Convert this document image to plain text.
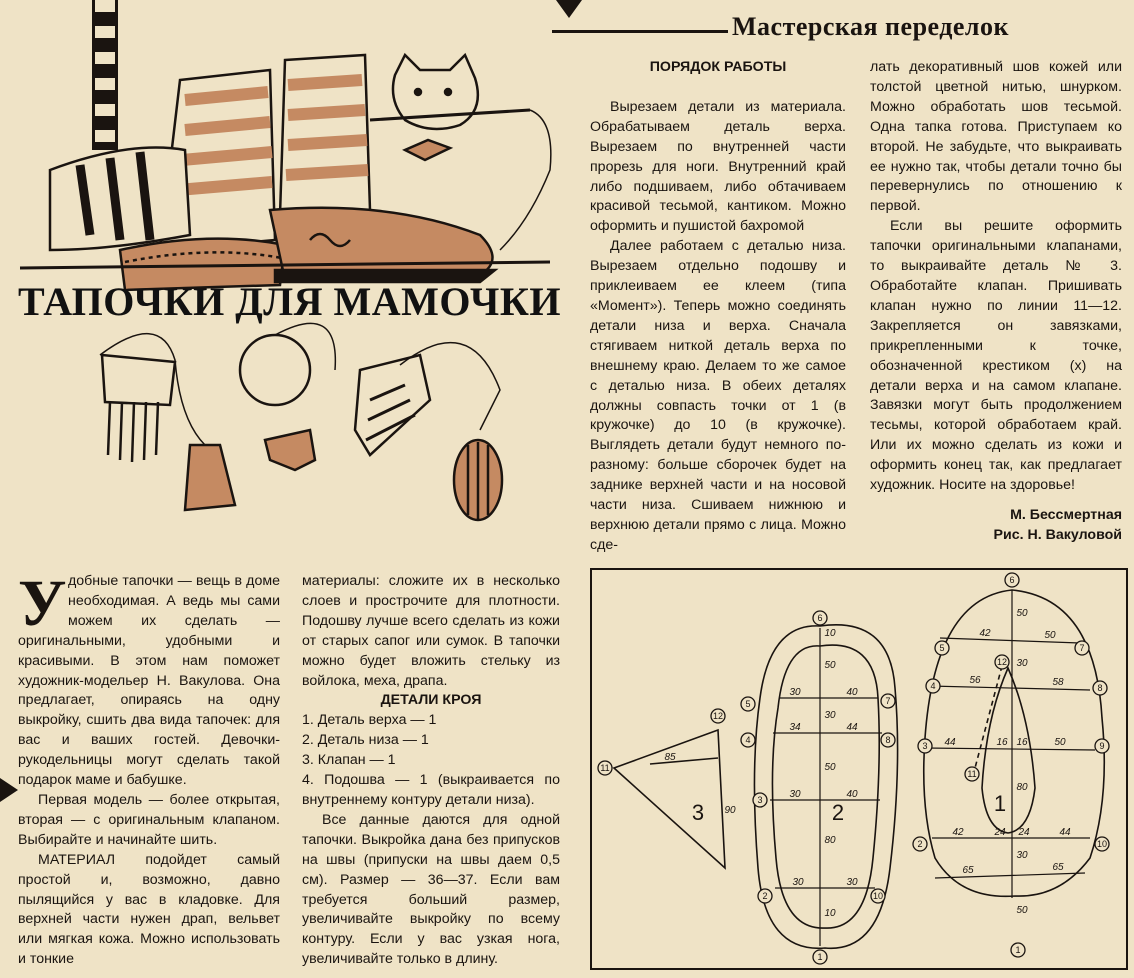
Мастерская переделок
ТАПОЧКИ ДЛЯ МАМОЧКИ

Удобные тапочки — вещь в доме необходимая. А ведь мы сами можем их сделать — оригинальными, удобными и красивыми. В этом нам поможет художник-модельер Н. Вакулова. Она предлагает, опираясь на одну выкройку, сшить два вида тапочек: для вас и ваших гостей. Девочки-рукодельницы могут сделать такой подарок маме и бабушке.

Первая модель — более открытая, вторая — с оригинальным клапаном. Выбирайте и начинайте шить.

МАТЕРИАЛ подойдет самый простой и, возможно, давно пылящийся у вас в кладовке. Для верхней части нужен драп, вельвет или мягкая кожа. Можно использовать и тонкие

материалы: сложите их в несколько слоев и прострочите для плотности. Подошву лучше всего сделать из кожи от старых сапог или сумок. В тапочки можно будет вложить стельку из войлока, меха, драпа.

ДЕТАЛИ КРОЯ
1. Деталь верха — 1
2. Деталь низа — 1
3. Клапан — 1
4. Подошва — 1 (выкраивается по внутреннему контуру детали низа).

Все данные даются для одной тапочки. Выкройка дана без припусков на швы (припуски на швы даем 0,5 см). Размер — 36—37. Если вам требуется больший размер, увеличивайте выкройку по всему контуру. Если у вас узкая нога, увеличивайте только в длину.

ПОРЯДОК РАБОТЫ

Вырезаем детали из материала. Обрабатываем деталь верха. Вырезаем по внутренней части прорезь для ноги. Внутренний край либо подшиваем, либо обтачиваем красивой тесьмой, кантиком. Можно оформить и пушистой бахромой

Далее работаем с деталью низа. Вырезаем отдельно подошву и приклеиваем ее клеем (типа «Момент»). Теперь можно соединять детали низа и верха. Сначала стягиваем ниткой деталь верха по внешнему краю. Делаем то же самое с деталью низа. В обеих деталях должны совпасть точки от 1 (в кружочке) до 10 (в кружочке). Выглядеть детали будут немного по-разному: больше сборочек будет на заднике верхней части и на носовой части низа. Сшиваем нижнюю и верхнюю детали прямо с лица. Можно сде-

лать декоративный шов кожей или толстой цветной нитью, шнурком. Можно обработать шов тесьмой. Одна тапка готова. Приступаем ко второй. Не забудьте, что выкраивать ее нужно так, чтобы детали точно бы перевернулись по отношению к первой.

Если вы решите оформить тапочки оригинальными клапанами, то выкраивайте деталь № 3. Обработайте клапан. Пришивать клапан нужно по линии 11—12. Закрепляется он завязками, прикрепленными к точке, обозначенной крестиком (x) на детали верха и на самом клапане. Завязки могут быть продолжением тесьмы, которой обработаем край. Или их можно сделать из кожи и оформить конец так, как предлагает художник. Носите на здоровье!

М. Бессмертная
Рис. Н. Вакуловой
11
12
6
5	7
4	8
3
2	10
1
6
5	7
12
4	8
3	9
11
2	10
1
85
90
10
50
30	40
34	44
30
50
30	40
80
30	30
10
50
42	50
56	58
30
44	16 16	50
80
42	24 24	44
30
65	65
50
3	2	1
